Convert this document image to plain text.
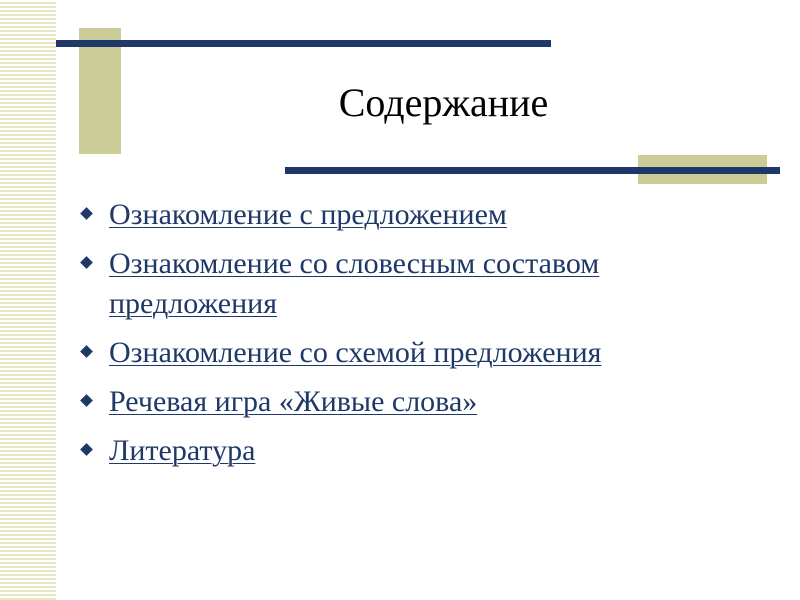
Содержание
Ознакомление с предложением
Ознакомление со словесным составом предложения
Ознакомление со схемой предложения
Речевая игра «Живые слова»
Литература
